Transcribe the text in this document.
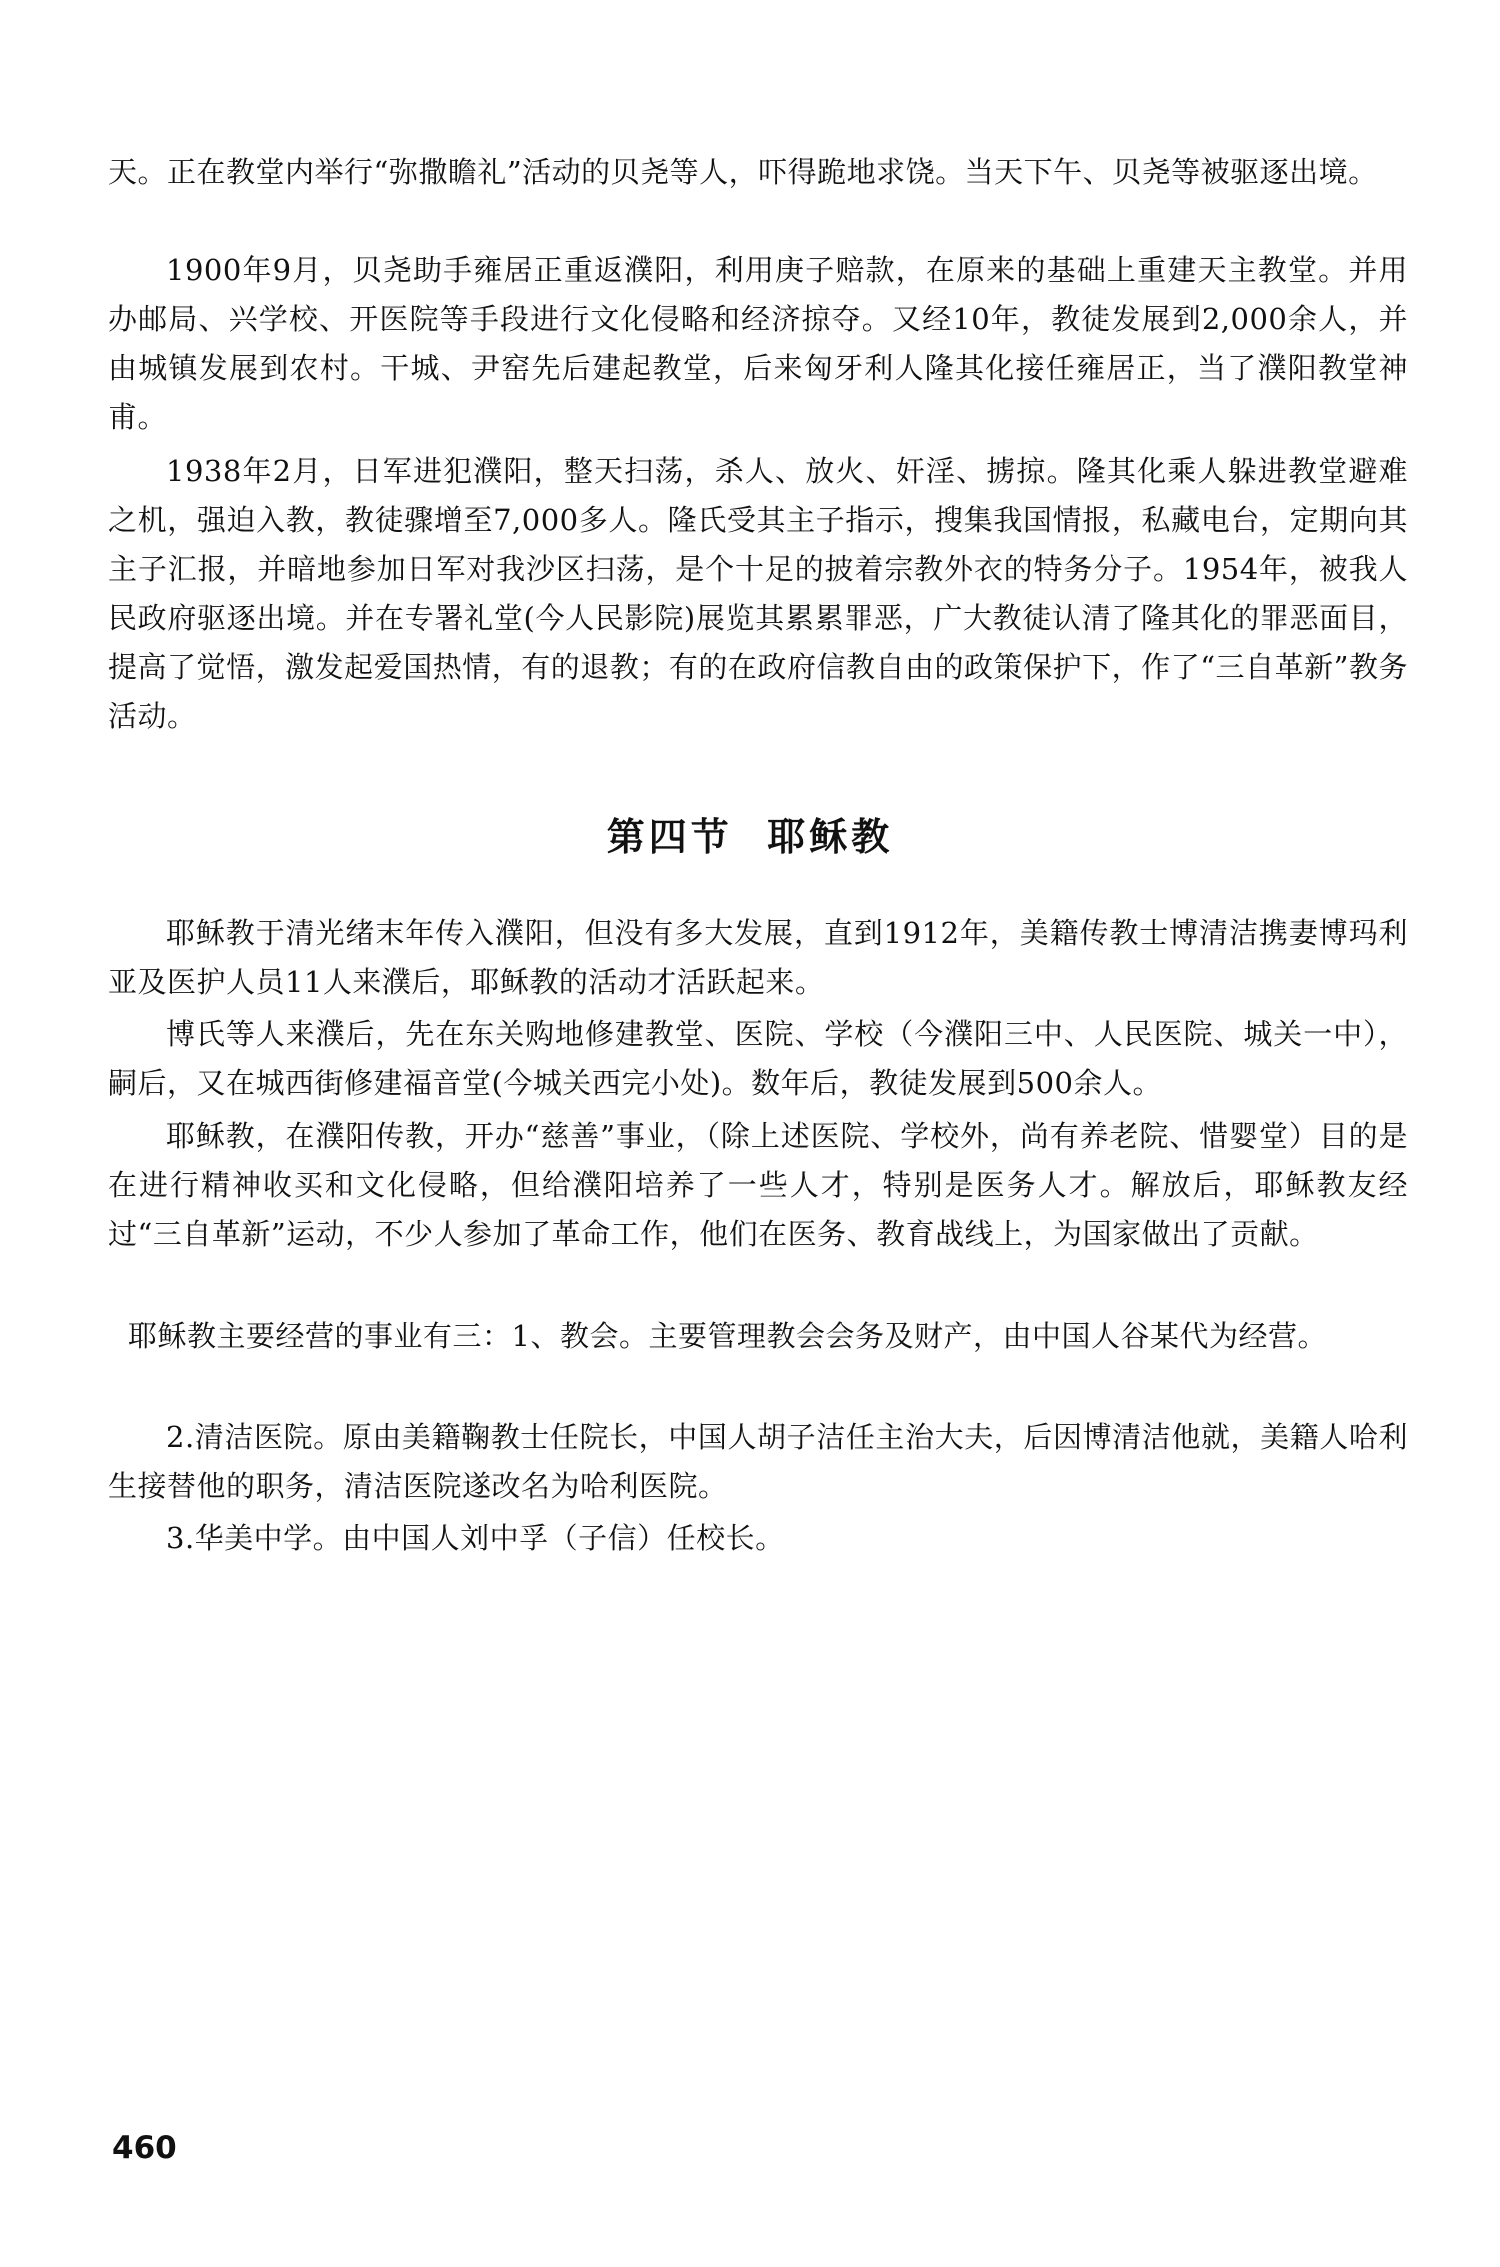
天。正在教堂内举行“弥撒瞻礼”活动的贝尧等人，吓得跪地求饶。当天下午、贝尧等被驱逐出境。

1900年9月，贝尧助手雍居正重返濮阳，利用庚子赔款，在原来的基础上重建天主教堂。并用办邮局、兴学校、开医院等手段进行文化侵略和经济掠夺。又经10年，教徒发展到2,000余人，并由城镇发展到农村。干城、尹窑先后建起教堂，后来匈牙利人隆其化接任雍居正，当了濮阳教堂神甫。

1938年2月，日军进犯濮阳，整天扫荡，杀人、放火、奸淫、掳掠。隆其化乘人躲进教堂避难之机，强迫入教，教徒骤增至7,000多人。隆氏受其主子指示，搜集我国情报，私藏电台，定期向其主子汇报，并暗地参加日军对我沙区扫荡，是个十足的披着宗教外衣的特务分子。1954年，被我人民政府驱逐出境。并在专署礼堂(今人民影院)展览其累累罪恶，广大教徒认清了隆其化的罪恶面目，提高了觉悟，激发起爱国热情，有的退教；有的在政府信教自由的政策保护下，作了“三自革新”教务活动。

第四节  耶稣教

耶稣教于清光绪末年传入濮阳，但没有多大发展，直到1912年，美籍传教士博清洁携妻博玛利亚及医护人员11人来濮后，耶稣教的活动才活跃起来。

博氏等人来濮后，先在东关购地修建教堂、医院、学校（今濮阳三中、人民医院、城关一中），嗣后，又在城西街修建福音堂(今城关西完小处)。数年后，教徒发展到500余人。

耶稣教，在濮阳传教，开办“慈善”事业，（除上述医院、学校外，尚有养老院、惜婴堂）目的是在进行精神收买和文化侵略，但给濮阳培养了一些人才，特别是医务人才。解放后，耶稣教友经过“三自革新”运动，不少人参加了革命工作，他们在医务、教育战线上，为国家做出了贡献。

耶稣教主要经营的事业有三：1、教会。主要管理教会会务及财产，由中国人谷某代为经营。

2.清洁医院。原由美籍鞠教士任院长，中国人胡子洁任主治大夫，后因博清洁他就，美籍人哈利生接替他的职务，清洁医院遂改名为哈利医院。

3.华美中学。由中国人刘中孚（子信）任校长。

460
